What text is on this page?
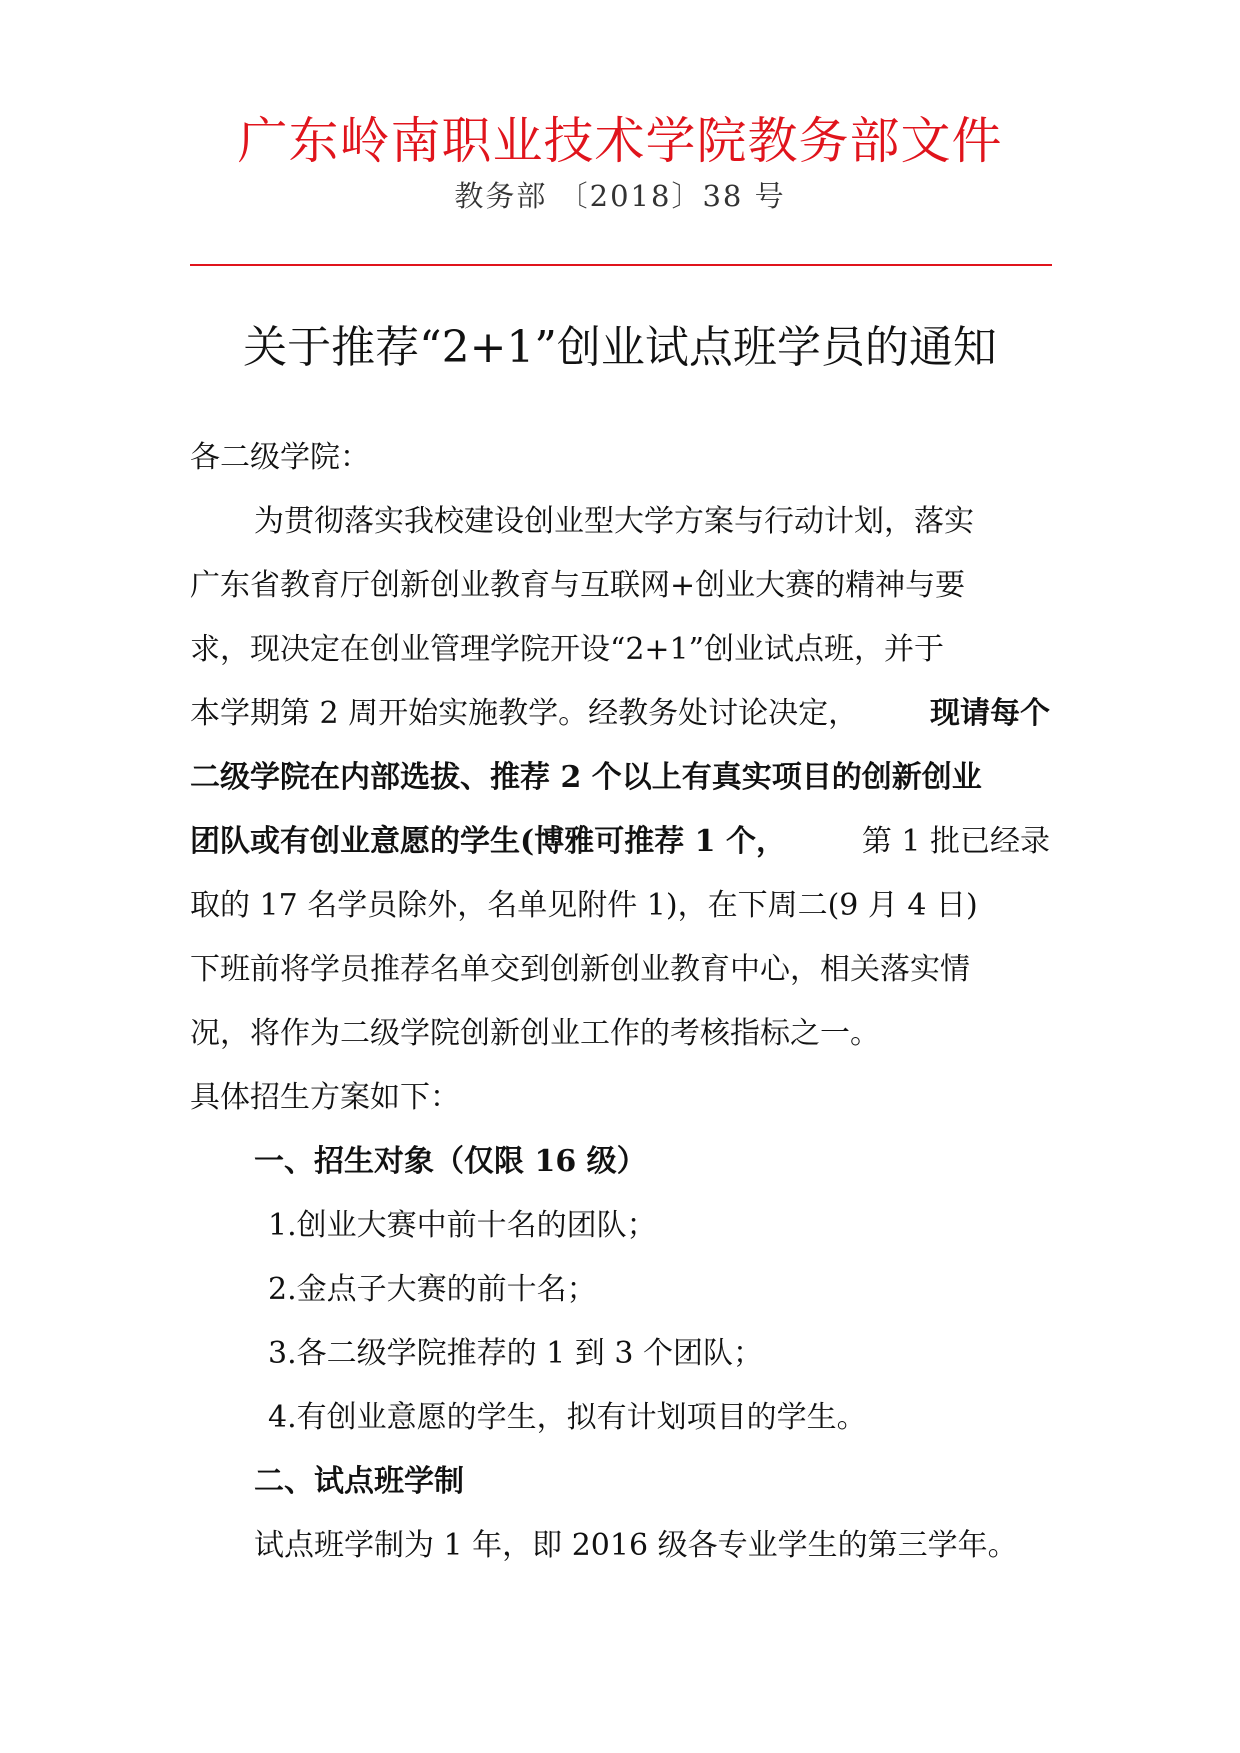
广东岭南职业技术学院教务部文件
教务部 〔2018〕38 号
关于推荐“2+1”创业试点班学员的通知
各二级学院：
为贯彻落实我校建设创业型大学方案与行动计划，落实
广东省教育厅创新创业教育与互联网+创业大赛的精神与要
求，现决定在创业管理学院开设“2+1”创业试点班，并于
本学期第 2 周开始实施教学。经教务处讨论决定， 现请每个
二级学院在内部选拔、推荐 2 个以上有真实项目的创新创业
团队或有创业意愿的学生(博雅可推荐 1 个，	第 1 批已经录
取的 17 名学员除外，名单见附件 1)，在下周二(9 月 4 日)
下班前将学员推荐名单交到创新创业教育中心，相关落实情
况，将作为二级学院创新创业工作的考核指标之一。
具体招生方案如下：
一、招生对象（仅限 16 级）
1.创业大赛中前十名的团队；
2.金点子大赛的前十名；
3.各二级学院推荐的 1 到 3 个团队；
4.有创业意愿的学生，拟有计划项目的学生。
二、试点班学制
试点班学制为 1 年，即 2016 级各专业学生的第三学年。
